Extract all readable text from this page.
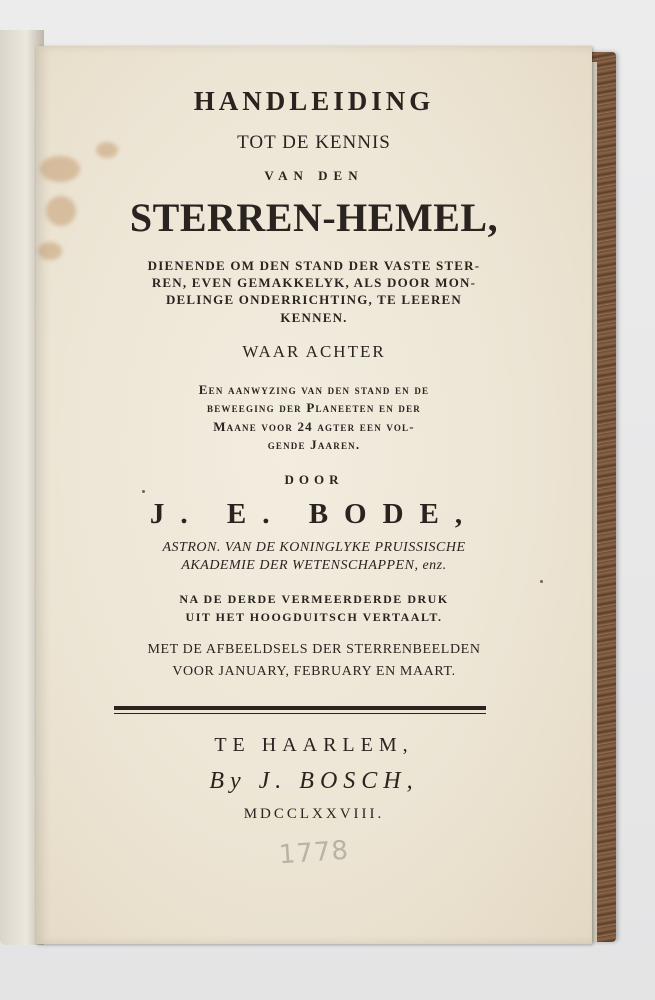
HANDLEIDING
TOT DE KENNIS
VAN DEN
STERREN-HEMEL,
DIENENDE OM DEN STAND DER VASTE STER-
REN, EVEN GEMAKKELYK, ALS DOOR MON-
DELINGE ONDERRICHTING, TE LEEREN
KENNEN.
WAAR ACHTER
Een aanwyzing van den stand en de
beweeging der Planeeten en der
Maane voor 24 agter een vol-
gende Jaaren.
DOOR
J. E. BODE,
ASTRON. VAN DE KONINGLYKE PRUISSISCHE
AKADEMIE DER WETENSCHAPPEN, enz.
NA DE DERDE VERMEERDERDE DRUK
UIT HET HOOGDUITSCH VERTAALT.
MET DE AFBEELDSELS DER STERRENBEELDEN
VOOR JANUARY, FEBRUARY EN MAART.
TE HAARLEM,
By J. BOSCH,
MDCCLXXVIII.
1778
